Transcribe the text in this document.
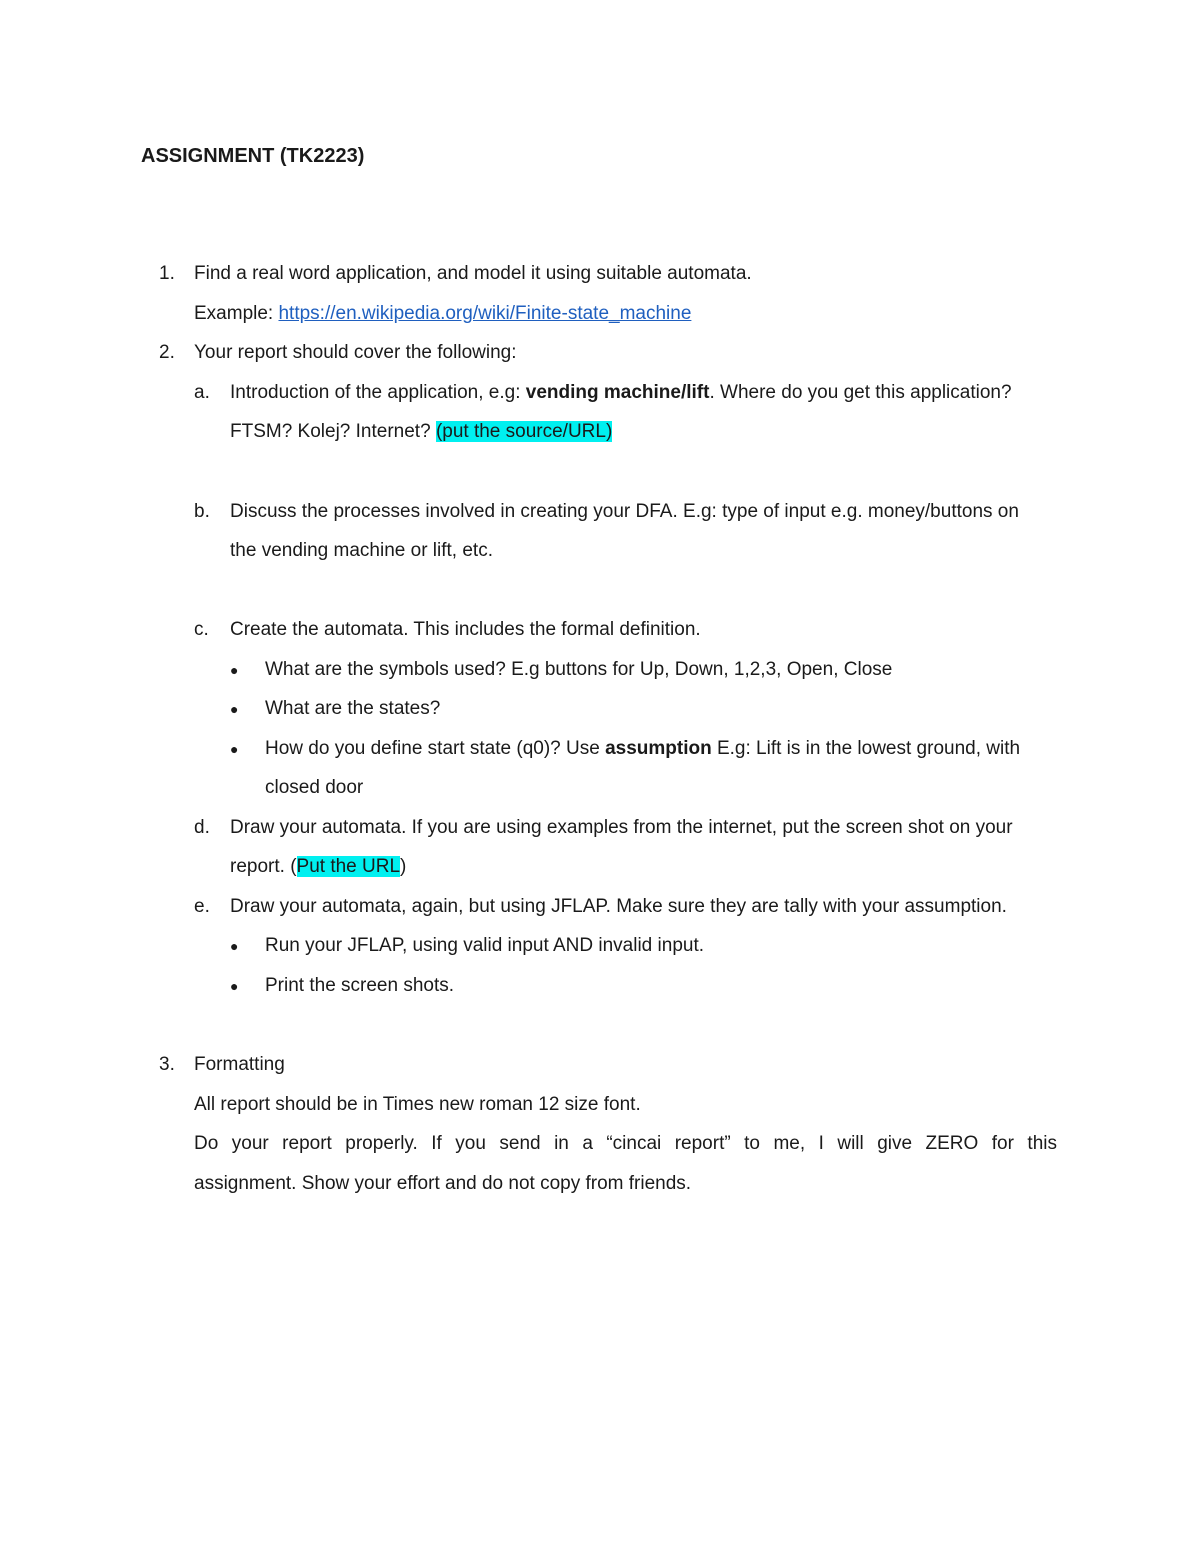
ASSIGNMENT (TK2223)
1. Find a real word application, and model it using suitable automata.
Example: https://en.wikipedia.org/wiki/Finite-state_machine
2. Your report should cover the following:
a. Introduction of the application, e.g: vending machine/lift. Where do you get this application?
FTSM? Kolej? Internet? (put the source/URL)
b. Discuss the processes involved in creating your DFA. E.g: type of input e.g. money/buttons on
the vending machine or lift, etc.
c. Create the automata. This includes the formal definition.
● What are the symbols used? E.g buttons for Up, Down, 1,2,3, Open, Close
● What are the states?
● How do you define start state (q0)? Use assumption E.g: Lift is in the lowest ground, with
closed door
d. Draw your automata. If you are using examples from the internet, put the screen shot on your
report. (Put the URL)
e. Draw your automata, again, but using JFLAP. Make sure they are tally with your assumption.
● Run your JFLAP, using valid input AND invalid input.
● Print the screen shots.
3. Formatting
All report should be in Times new roman 12 size font.
Do your report properly. If you send in a “cincai report” to me, I will give ZERO for this
assignment. Show your effort and do not copy from friends.
